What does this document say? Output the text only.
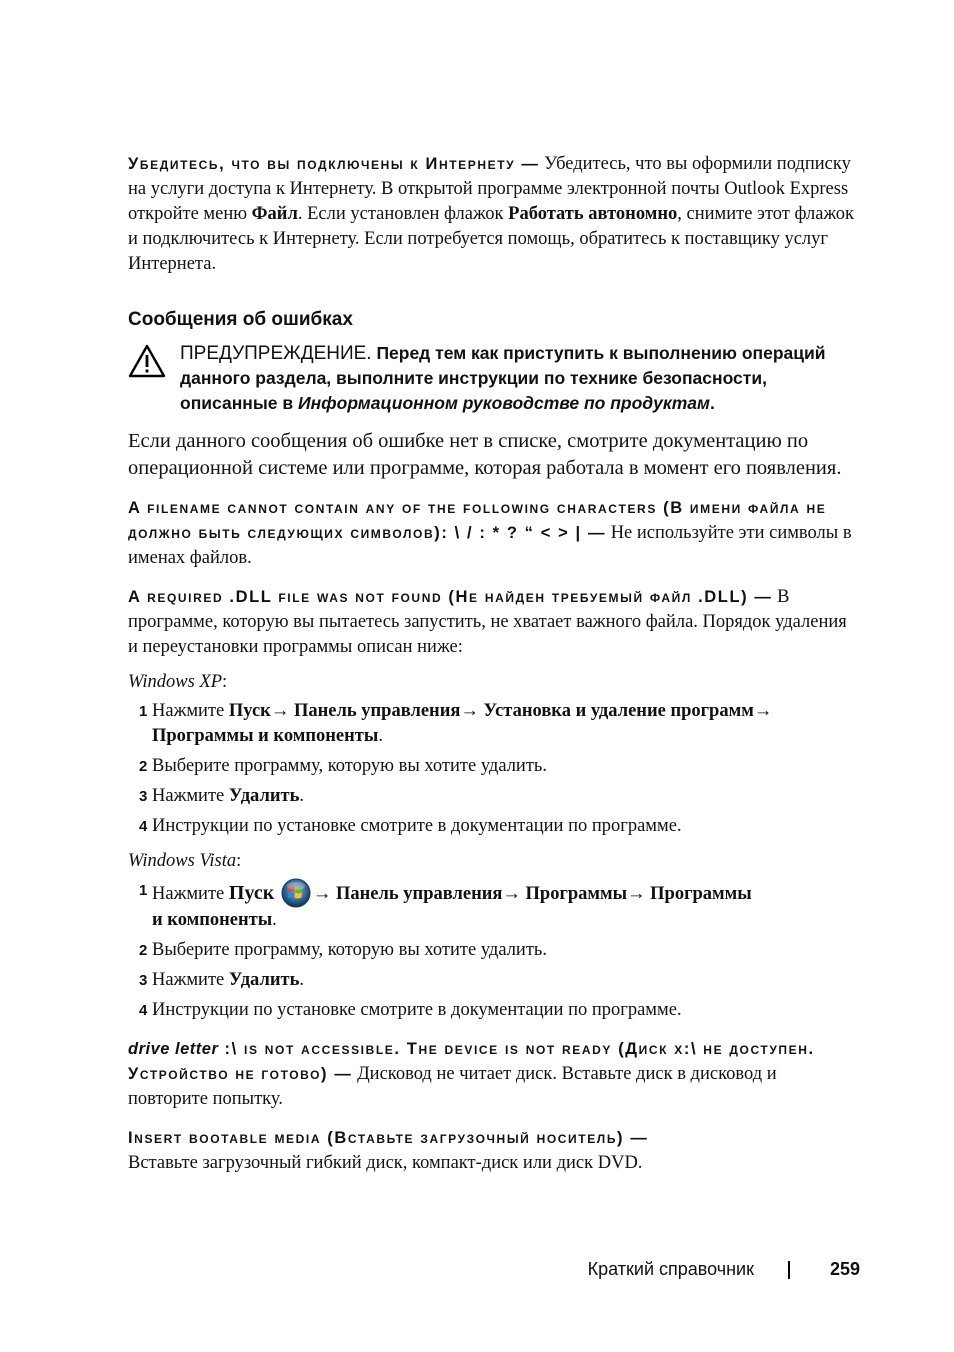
Убедитесь, что вы подключены к Интернету — Убедитесь, что вы оформили подписку на услуги доступа к Интернету. В открытой программе электронной почты Outlook Express откройте меню Файл. Если установлен флажок Работать автономно, снимите этот флажок и подключитесь к Интернету. Если потребуется помощь, обратитесь к поставщику услуг Интернета.

Сообщения об ошибках

ПРЕДУПРЕЖДЕНИЕ. Перед тем как приступить к выполнению операций данного раздела, выполните инструкции по технике безопасности, описанные в Информационном руководстве по продуктам.

Если данного сообщения об ошибке нет в списке, смотрите документацию по операционной системе или программе, которая работала в момент его появления.

A filename cannot contain any of the following characters (В имени файла не должно быть следующих символов): \ / : * ? “ < > | — Не используйте эти символы в именах файлов.

A required .DLL file was not found (Не найден требуемый файл .DLL) — В программе, которую вы пытаетесь запустить, не хватает важного файла. Порядок удаления и переустановки программы описан ниже:

Windows XP:

1 Нажмите Пуск→ Панель управления→ Установка и удаление программ→
Программы и компоненты.
2 Выберите программу, которую вы хотите удалить.
3 Нажмите Удалить.
4 Инструкции по установке смотрите в документации по программе.

Windows Vista:

1 Нажмите Пуск → Панель управления→ Программы→ Программы
и компоненты.
2 Выберите программу, которую вы хотите удалить.
3 Нажмите Удалить.
4 Инструкции по установке смотрите в документации по программе.

drive letter :\ is not accessible. The device is not ready (Диск x:\ не доступен. Устройство не готово) — Дисковод не читает диск. Вставьте диск в дисковод и повторите попытку.

Insert bootable media (Вставьте загрузочный носитель) —
Вставьте загрузочный гибкий диск, компакт-диск или диск DVD.

Краткий справочник	259
